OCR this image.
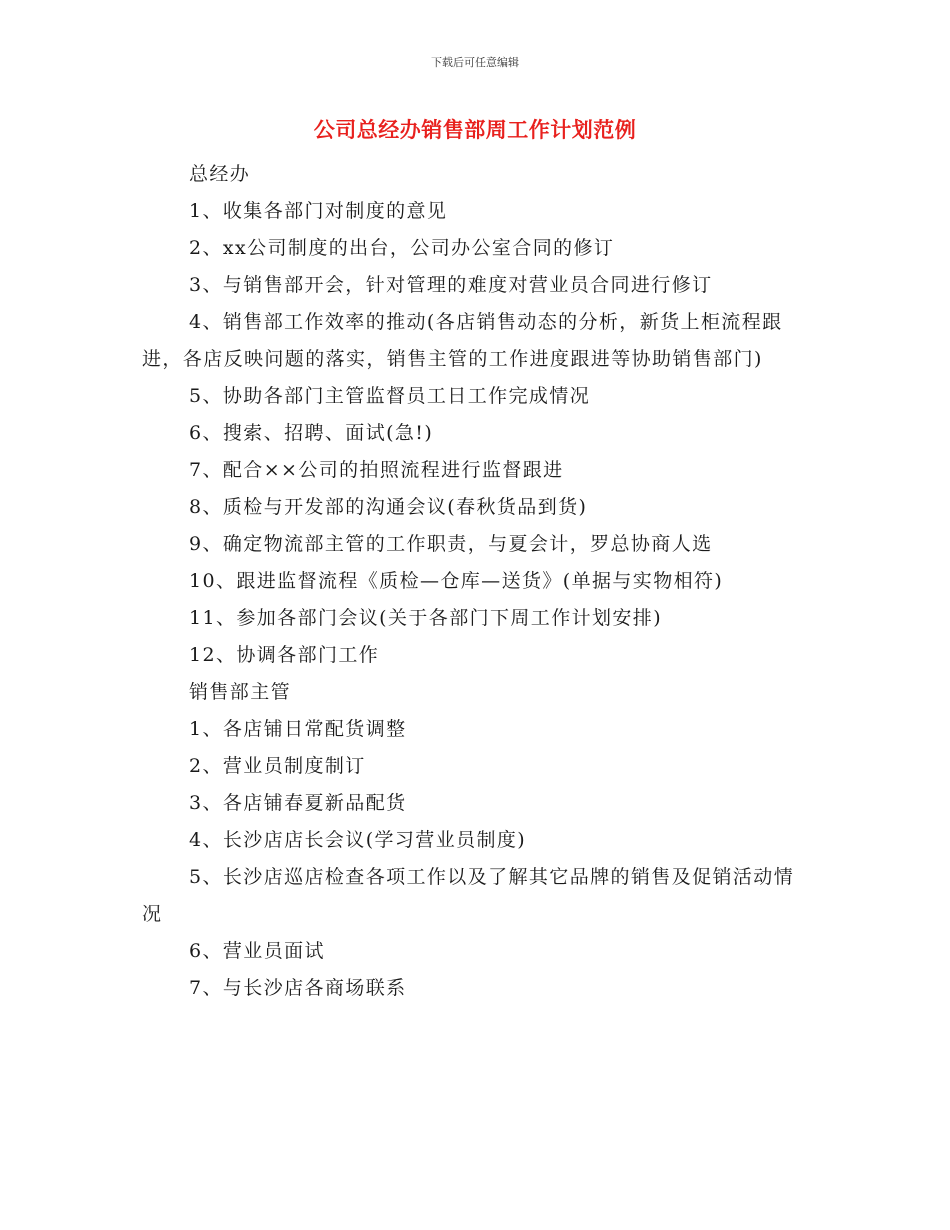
下载后可任意编辑
公司总经办销售部周工作计划范例

总经办

1、收集各部门对制度的意见

2、xx公司制度的出台，公司办公室合同的修订

3、与销售部开会，针对管理的难度对营业员合同进行修订

4、销售部工作效率的推动(各店销售动态的分析，新货上柜流程跟进，各店反映问题的落实，销售主管的工作进度跟进等协助销售部门)

5、协助各部门主管监督员工日工作完成情况

6、搜索、招聘、面试(急!)

7、配合××公司的拍照流程进行监督跟进

8、质检与开发部的沟通会议(春秋货品到货)

9、确定物流部主管的工作职责，与夏会计，罗总协商人选

10、跟进监督流程《质检—仓库—送货》(单据与实物相符)

11、参加各部门会议(关于各部门下周工作计划安排)

12、协调各部门工作

销售部主管

1、各店铺日常配货调整

2、营业员制度制订

3、各店铺春夏新品配货

4、长沙店店长会议(学习营业员制度)

5、长沙店巡店检查各项工作以及了解其它品牌的销售及促销活动情况

6、营业员面试

7、与长沙店各商场联系
